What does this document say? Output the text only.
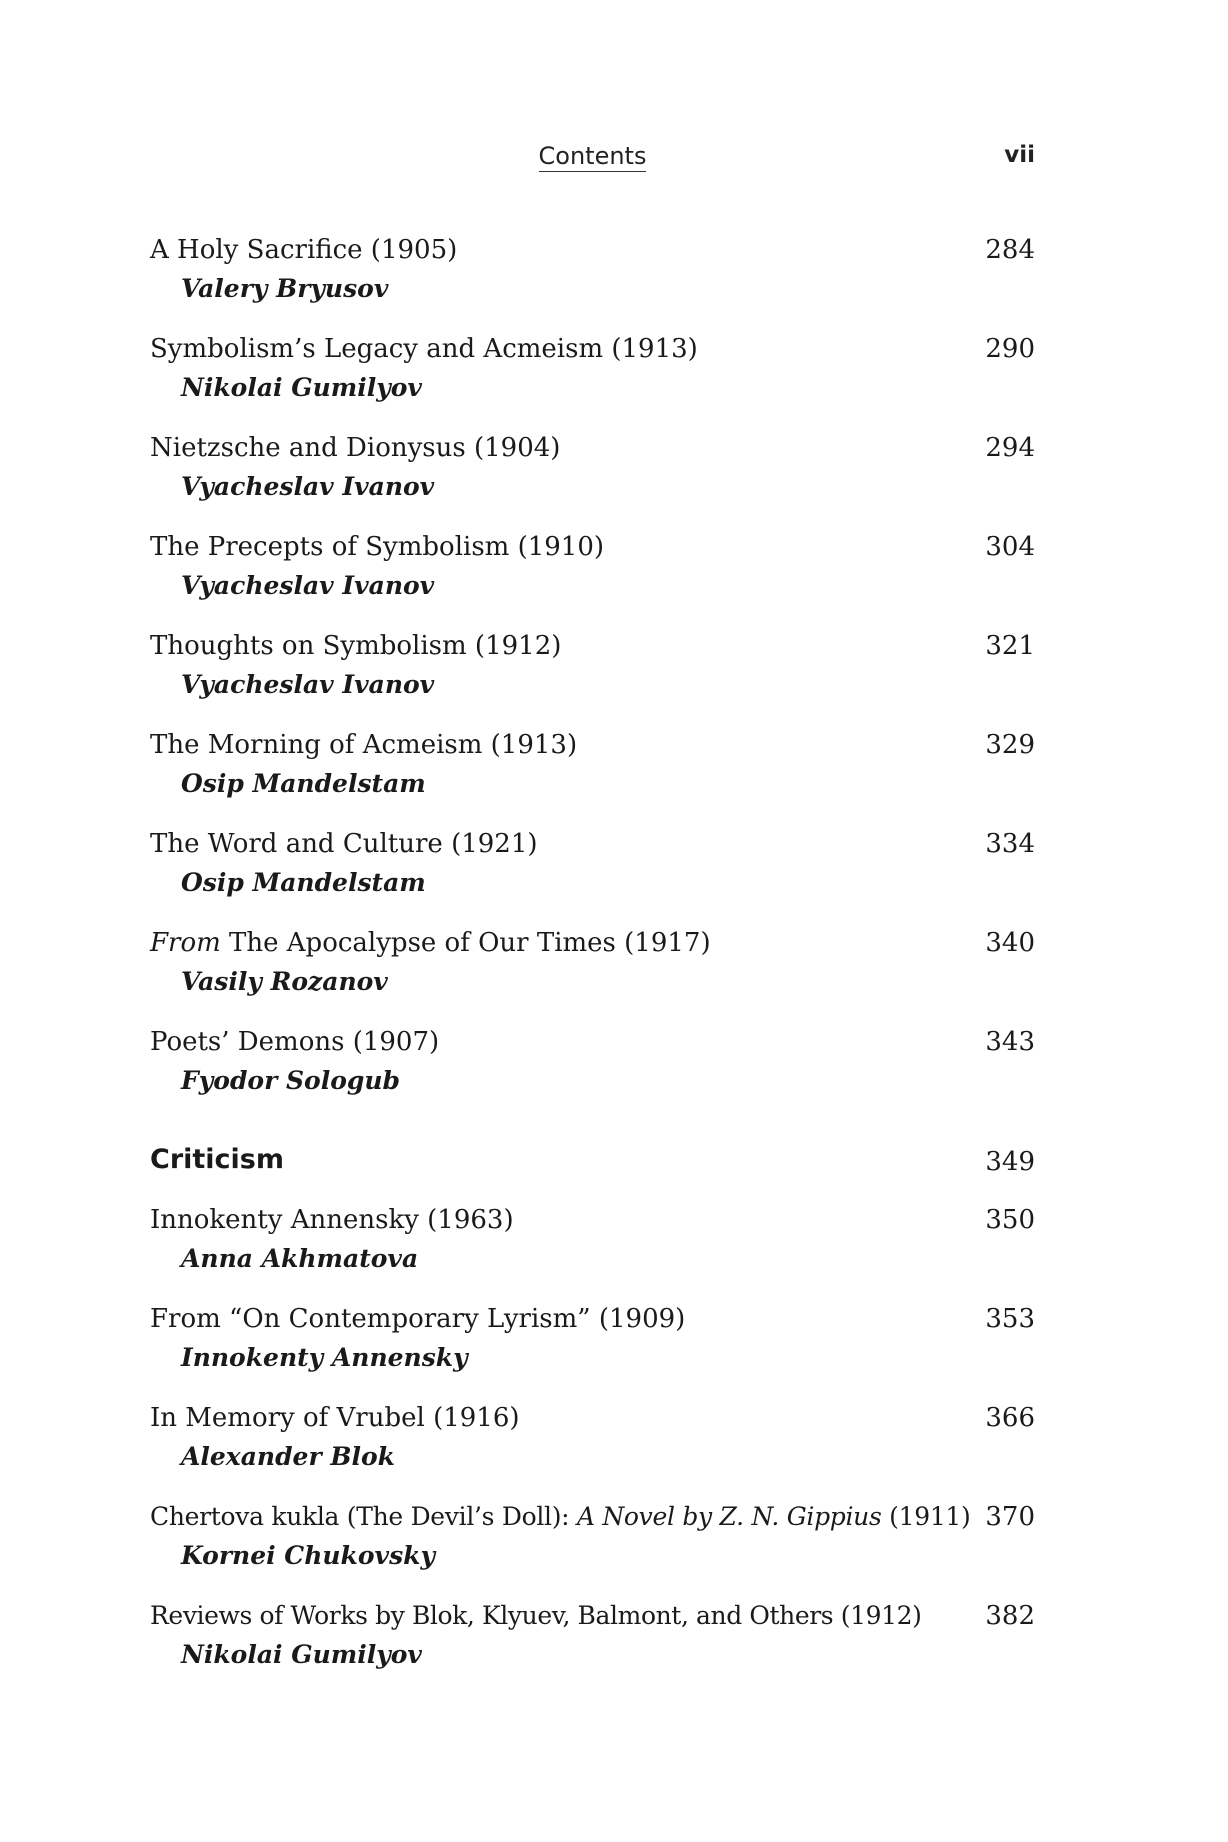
Contents	vii
A Holy Sacrifice (1905)
Valery Bryusov
284
Symbolism’s Legacy and Acmeism (1913)
Nikolai Gumilyov
290
Nietzsche and Dionysus (1904)
Vyacheslav Ivanov
294
The Precepts of Symbolism (1910)
Vyacheslav Ivanov
304
Thoughts on Symbolism (1912)
Vyacheslav Ivanov
321
The Morning of Acmeism (1913)
Osip Mandelstam
329
The Word and Culture (1921)
Osip Mandelstam
334
From The Apocalypse of Our Times (1917)
Vasily Rozanov
340
Poets’ Demons (1907)
Fyodor Sologub
343
Criticism	349
Innokenty Annensky (1963)
Anna Akhmatova
350
From “On Contemporary Lyrism” (1909)
Innokenty Annensky
353
In Memory of Vrubel (1916)
Alexander Blok
366
Chertova kukla (The Devil’s Doll): A Novel by Z. N. Gippius (1911)
Kornei Chukovsky
370
Reviews of Works by Blok, Klyuev, Balmont, and Others (1912)
Nikolai Gumilyov
382
